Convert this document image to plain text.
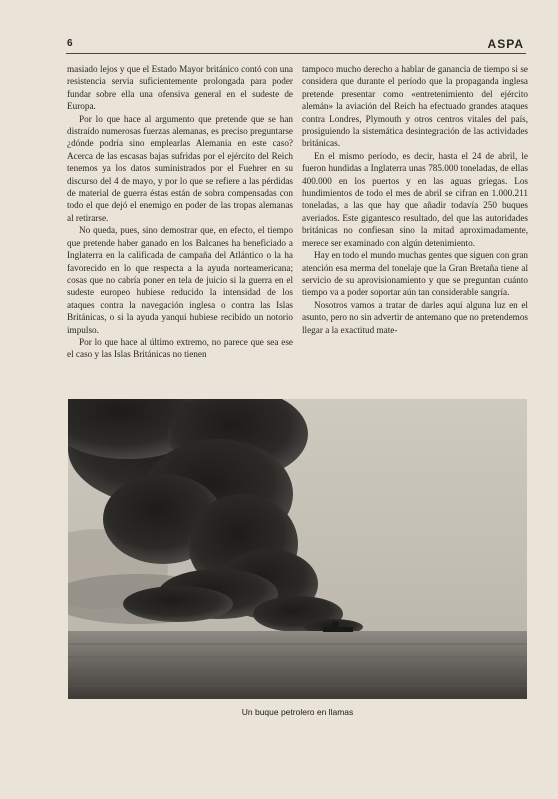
6	ASPA

masiado lejos y que el Estado Mayor británico contó con una resistencia servia suficientemente prolongada para poder fundar sobre ella una ofensiva general en el sudeste de Europa.

Por lo que hace al argumento que pretende que se han distraído numerosas fuerzas alemanas, es preciso preguntarse ¿dónde podría sino emplearlas Alemania en este caso? Acerca de las escasas bajas sufridas por el ejército del Reich tenemos ya los datos suministrados por el Fuehrer en su discurso del 4 de mayo, y por lo que se refiere a las pérdidas de material de guerra éstas están de sobra compensadas con todo el que dejó el enemigo en poder de las tropas alemanas al retirarse.

No queda, pues, sino demostrar que, en efecto, el tiempo que pretende haber ganado en los Balcanes ha beneficiado a Inglaterra en la calificada de campaña del Atlántico o la ha favorecido en lo que respecta a la ayuda norteamericana; cosas que no cabría poner en tela de juicio si la guerra en el sudeste europeo hubiese reducido la intensidad de los ataques contra la navegación inglesa o contra las Islas Británicas, o si la ayuda yanqui hubiese recibido un notorio impulso.

Por lo que hace al último extremo, no parece que sea ese el caso y las Islas Británicas no tienen

tampoco mucho derecho a hablar de ganancia de tiempo si se considera que durante el período que la propaganda inglesa pretende presentar como «entretenimiento del ejército alemán» la aviación del Reich ha efectuado grandes ataques contra Londres, Plymouth y otros centros vitales del país, prosiguiendo la sistemática desintegración de las actividades británicas.

En el mismo período, es decir, hasta el 24 de abril, le fueron hundidas a Inglaterra unas 785.000 toneladas, de ellas 400.000 en los puertos y en las aguas griegas. Los hundimientos de todo el mes de abril se cifran en 1.000.211 toneladas, a las que hay que añadir todavía 250 buques averiados. Este gigantesco resultado, del que las autoridades británicas no confiesan sino la mitad aproximadamente, merece ser examinado con algún detenimiento.

Hay en todo el mundo muchas gentes que siguen con gran atención esa merma del tonelaje que la Gran Bretaña tiene al servicio de su aprovisionamiento y que se preguntan cuánto tiempo va a poder soportar aún tan considerable sangría.

Nosotros vamos a tratar de darles aquí alguna luz en el asunto, pero no sin advertir de antemano que no pretendemos llegar a la exactitud mate-

Un buque petrolero en llamas
